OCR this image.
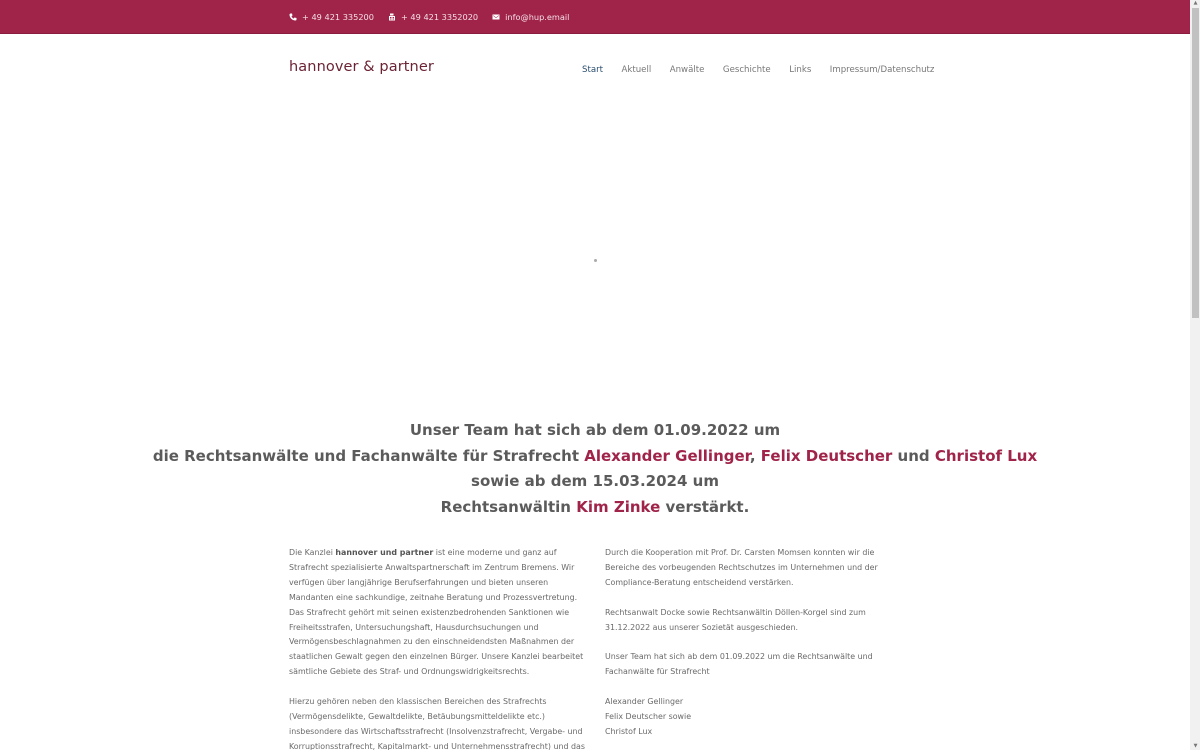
+ 49 421 335200	+ 49 421 3352020	info@hup.email
hannover & partner	Start Aktuell Anwälte Geschichte Links Impressum/Datenschutz
Unser Team hat sich ab dem 01.09.2022 um
die Rechtsanwälte und Fachanwälte für Strafrecht Alexander Gellinger, Felix Deutscher und Christof Lux
sowie ab dem 15.03.2024 um
Rechtsanwältin Kim Zinke verstärkt.

Die Kanzlei hannover und partner ist eine moderne und ganz auf Strafrecht spezialisierte Anwaltspartnerschaft im Zentrum Bremens. Wir verfügen über langjährige Berufserfahrungen und bieten unseren Mandanten eine sachkundige, zeitnahe Beratung und Prozessvertretung. Das Strafrecht gehört mit seinen existenzbedrohenden Sanktionen wie Freiheitsstrafen, Untersuchungshaft, Hausdurchsuchungen und Vermögensbeschlagnahmen zu den einschneidendsten Maßnahmen der staatlichen Gewalt gegen den einzelnen Bürger. Unsere Kanzlei bearbeitet sämtliche Gebiete des Straf- und Ordnungswidrigkeitsrechts.

Hierzu gehören neben den klassischen Bereichen des Strafrechts (Vermögensdelikte, Gewaltdelikte, Betäubungsmitteldelikte etc.) insbesondere das Wirtschaftsstrafrecht (Insolvenzstrafrecht, Vergabe- und Korruptionsstrafrecht, Kapitalmarkt- und Unternehmensstrafrecht) und das

Durch die Kooperation mit Prof. Dr. Carsten Momsen konnten wir die Bereiche des vorbeugenden Rechtschutzes im Unternehmen und der Compliance-Beratung entscheidend verstärken.

Rechtsanwalt Docke sowie Rechtsanwältin Döllen-Korgel sind zum 31.12.2022 aus unserer Sozietät ausgeschieden.

Unser Team hat sich ab dem 01.09.2022 um die Rechtsanwälte und Fachanwälte für Strafrecht

Alexander Gellinger
Felix Deutscher sowie
Christof Lux
▲
▼
